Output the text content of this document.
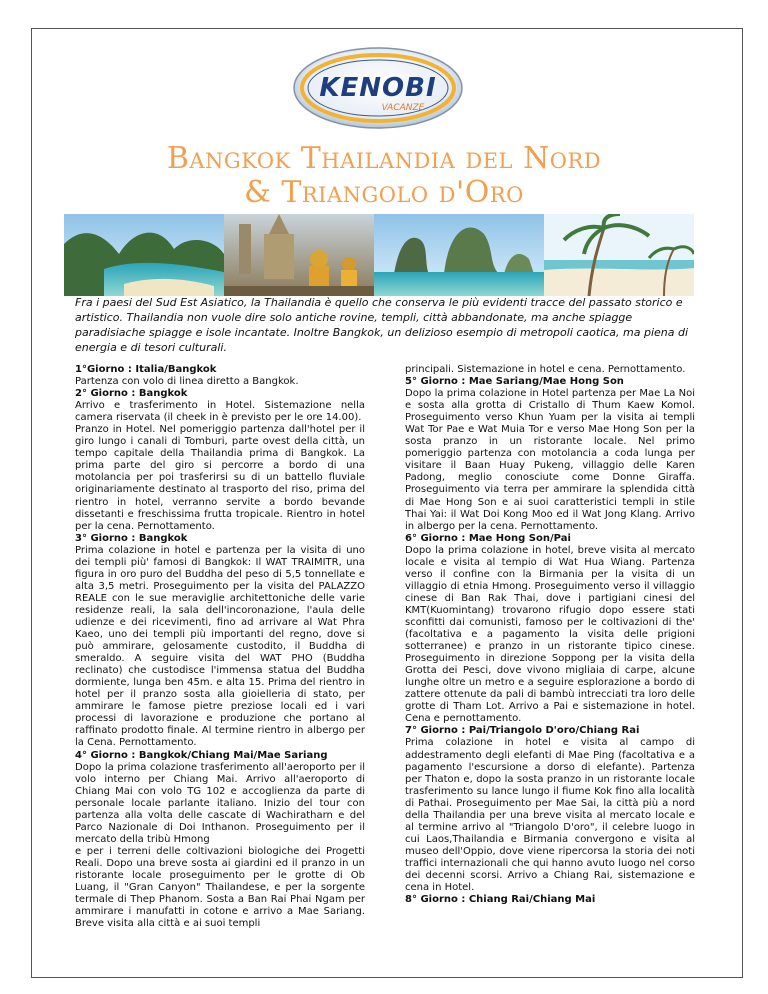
KENOBI
VACANZE
Bangkok Thailandia del Nord
& Triangolo d'Oro
Fra i paesi del Sud Est Asiatico, la Thailandia è quello che conserva le più evidenti tracce del passato storico e artistico. Thailandia non vuole dire solo antiche rovine, templi, città abbandonate, ma anche spiagge paradisiache spiagge e isole incantate. Inoltre Bangkok, un delizioso esempio di metropoli caotica, ma piena di energia e di tesori culturali.

1°Giorno : Italia/Bangkok

Partenza con volo di linea diretto a Bangkok.

2° Giorno : Bangkok

Arrivo e trasferimento in Hotel. Sistemazione nella camera riservata (il cheek in è previsto per le ore 14.00).

Pranzo in Hotel. Nel pomeriggio partenza dall'hotel per il giro lungo i canali di Tomburi, parte ovest della città, un tempo capitale della Thailandia prima di Bangkok. La prima parte del giro si percorre a bordo di una motolancia per poi trasferirsi su di un battello fluviale originariamente destinato al trasporto del riso, prima del rientro in hotel, verranno servite a bordo bevande dissetanti e freschissima frutta tropicale. Rientro in hotel per la cena. Pernottamento.

3° Giorno : Bangkok

Prima colazione in hotel e partenza per la visita di uno dei templi più' famosi di Bangkok: Il WAT TRAIMITR, una figura in oro puro del Buddha del peso di 5,5 tonnellate e alta 3,5 metri. Proseguimento per la visita del PALAZZO REALE con le sue meraviglie architettoniche delle varie residenze reali, la sala dell'incoronazione, l'aula delle udienze e dei ricevimenti, fino ad arrivare al Wat Phra Kaeo, uno dei templi più importanti del regno, dove si può ammirare, gelosamente custodito, il Buddha di smeraldo. A seguire visita del WAT PHO (Buddha reclinato) che custodisce l'immensa statua del Buddha dormiente, lunga ben 45m. e alta 15. Prima del rientro in hotel per il pranzo sosta alla gioielleria di stato, per ammirare le famose pietre preziose locali ed i vari processi di lavorazione e produzione che portano al raffinato prodotto finale. Al termine rientro in albergo per la Cena. Pernottamento.

4° Giorno : Bangkok/Chiang Mai/Mae Sariang

Dopo la prima colazione trasferimento all'aeroporto per il volo interno per Chiang Mai. Arrivo all'aeroporto di Chiang Mai con volo TG 102 e accoglienza da parte di personale locale parlante italiano. Inizio del tour con partenza alla volta delle cascate di Wachiratharn e del Parco Nazionale di Doi Inthanon. Proseguimento per il mercato della tribù Hmong

e per i terreni delle coltivazioni biologiche dei Progetti Reali. Dopo una breve sosta ai giardini ed il pranzo in un ristorante locale proseguimento per le grotte di Ob Luang, il "Gran Canyon" Thailandese, e per la sorgente termale di Thep Phanom. Sosta a Ban Rai Phai Ngam per ammirare i manufatti in cotone e arrivo a Mae Sariang. Breve visita alla città e ai suoi templi

principali. Sistemazione in hotel e cena. Pernottamento.

5° Giorno : Mae Sariang/Mae Hong Son

Dopo la prima colazione in Hotel partenza per Mae La Noi e sosta alla grotta di Cristallo di Thum Kaew Komol. Proseguimento verso Khun Yuam per la visita ai templi Wat Tor Pae e Wat Muia Tor e verso Mae Hong Son per la sosta pranzo in un ristorante locale. Nel primo pomeriggio partenza con motolancia a coda lunga per visitare il Baan Huay Pukeng, villaggio delle Karen Padong, meglio conosciute come Donne Giraffa. Proseguimento via terra per ammirare la splendida città di Mae Hong Son e ai suoi caratteristici templi in stile Thai Yai: il Wat Doi Kong Moo ed il Wat Jong Klang. Arrivo in albergo per la cena. Pernottamento.

6° Giorno : Mae Hong Son/Pai

Dopo la prima colazione in hotel, breve visita al mercato locale e visita al tempio di Wat Hua Wiang. Partenza verso il confine con la Birmania per la visita di un villaggio di etnia Hmong. Proseguimento verso il villaggio cinese di Ban Rak Thai, dove i partigiani cinesi del KMT(Kuomintang) trovarono rifugio dopo essere stati sconfitti dai comunisti, famoso per le coltivazioni di the' (facoltativa e a pagamento la visita delle prigioni sotterranee) e pranzo in un ristorante tipico cinese. Proseguimento in direzione Soppong per la visita della Grotta dei Pesci, dove vivono migliaia di carpe, alcune lunghe oltre un metro e a seguire esplorazione a bordo di zattere ottenute da pali di bambù intrecciati tra loro delle grotte di Tham Lot. Arrivo a Pai e sistemazione in hotel. Cena e pernottamento.

7° Giorno : Pai/Triangolo D'oro/Chiang Rai

Prima colazione in hotel e visita al campo di addestramento degli elefanti di Mae Ping (facoltativa e a pagamento l'escursione a dorso di elefante). Partenza per Thaton e, dopo la sosta pranzo in un ristorante locale trasferimento su lance lungo il fiume Kok fino alla località di Pathai. Proseguimento per Mae Sai, la città più a nord della Thailandia per una breve visita al mercato locale e al termine arrivo al "Triangolo D'oro", il celebre luogo in cui Laos,Thailandia e Birmania convergono e visita al museo dell'Oppio, dove viene ripercorsa la storia dei noti traffici internazionali che qui hanno avuto luogo nel corso dei decenni scorsi. Arrivo a Chiang Rai, sistemazione e cena in Hotel.

8° Giorno : Chiang Rai/Chiang Mai
